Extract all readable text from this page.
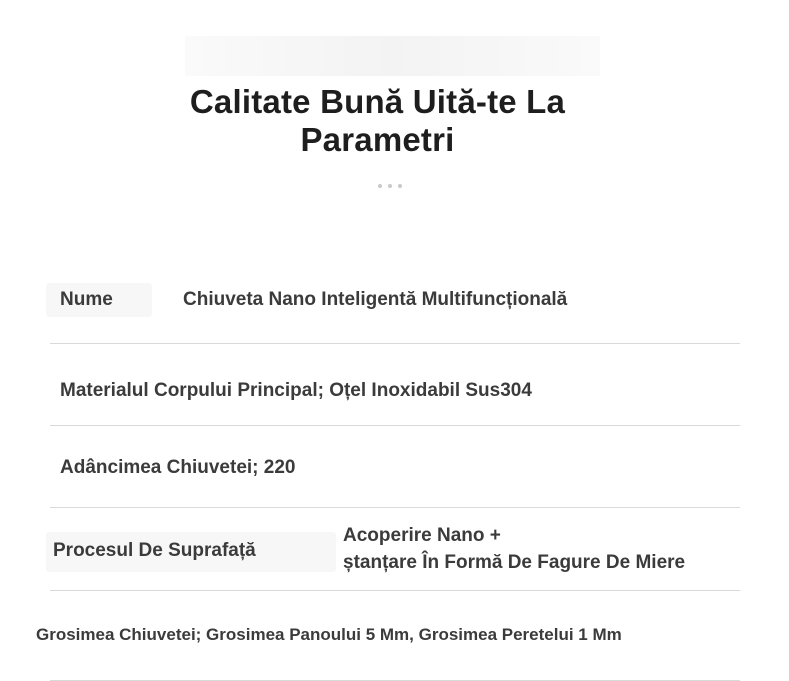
Calitate Bună Uită-te La
Parametri
Nume	Chiuveta Nano Inteligentă Multifuncțională
Materialul Corpului Principal; Oțel Inoxidabil Sus304
Adâncimea Chiuvetei; 220
Procesul De Suprafață
Acoperire Nano +
ștanțare În Formă De Fagure De Miere
Grosimea Chiuvetei; Grosimea Panoului 5 Mm, Grosimea Peretelui 1 Mm
